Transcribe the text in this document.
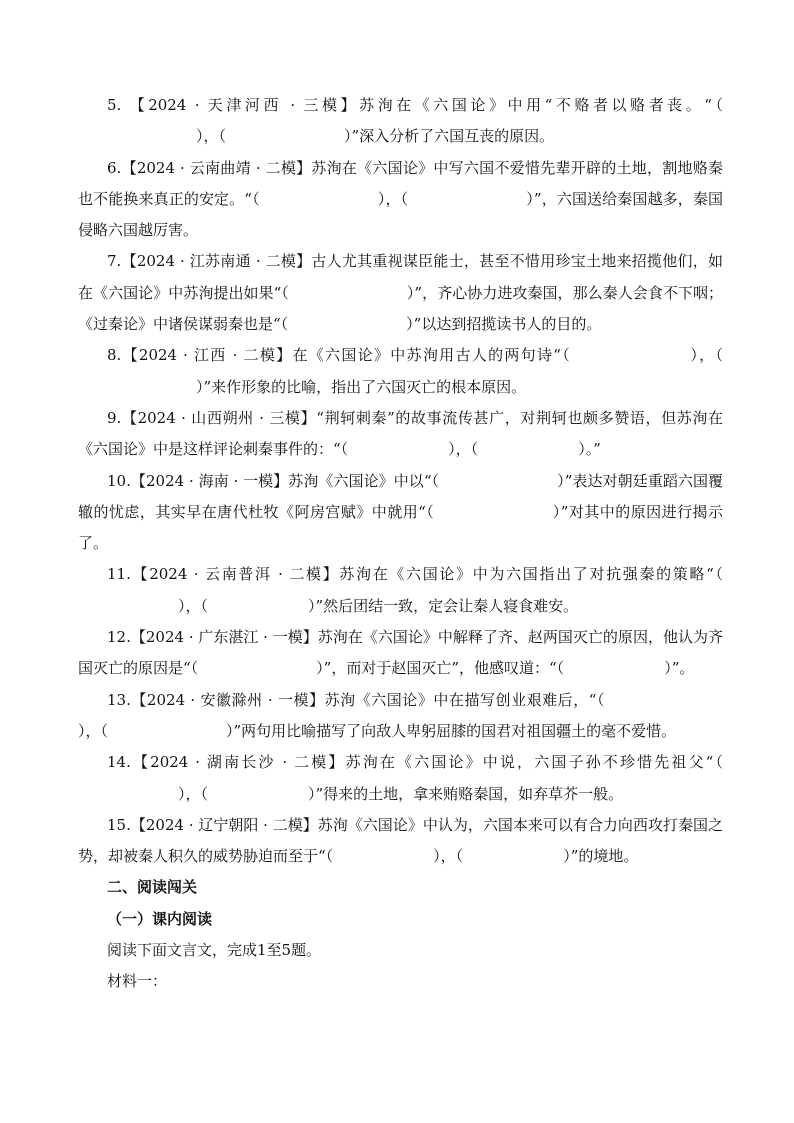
5. 【2024 · 天津河西 · 三模】苏洵在《六国论》中用“不赂者以赂者丧。“（），（	）”深入分析了六国互丧的原因。

6.【2024 · 云南曲靖 · 二模】苏洵在《六国论》中写六国不爱惜先辈开辟的土地，割地赂秦也不能换来真正的安定。“（	），（	）”，六国送给秦国越多，秦国侵略六国越厉害。

7.【2024 · 江苏南通 · 二模】古人尤其重视谋臣能士，甚至不惜用珍宝土地来招揽他们，如在《六国论》中苏洵提出如果“（	）”，齐心协力进攻秦国，那么秦人会食不下咽；《过秦论》中诸侯谋弱秦也是“（	）”以达到招揽读书人的目的。

8.【2024 · 江西 · 二模】在《六国论》中苏洵用古人的两句诗“（	），（）”来作形象的比喻，指出了六国灭亡的根本原因。

9.【2024 · 山西朔州 · 三模】“荆轲刺秦”的故事流传甚广，对荆轲也颇多赞语，但苏洵在《六国论》中是这样评论刺秦事件的：“（	），（	）。”

10.【2024 · 海南 · 一模】苏洵《六国论》中以“（	）”表达对朝廷重蹈六国覆辙的忧虑，其实早在唐代杜牧《阿房宫赋》中就用“（	）”对其中的原因进行揭示了。

11.【2024 · 云南普洱 · 二模】苏洵在《六国论》中为六国指出了对抗强秦的策略“（），（	）”然后团结一致，定会让秦人寝食难安。

12.【2024 · 广东湛江 · 一模】苏洵在《六国论》中解释了齐、赵两国灭亡的原因，他认为齐国灭亡的原因是“（	）”，而对于赵国灭亡”，他感叹道：“（	）”。

13.【2024 · 安徽滁州 · 一模】苏洵《六国论》中在描写创业艰难后，“（），（	）”两句用比喻描写了向敌人卑躬屈膝的国君对祖国疆土的毫不爱惜。

14.【2024 · 湖南长沙 · 二模】苏洵在《六国论》中说，六国子孙不珍惜先祖父“（），（	）”得来的土地，拿来贿赂秦国，如弃草芥一般。

15.【2024 · 辽宁朝阳 · 二模】苏洵《六国论》中认为，六国本来可以有合力向西攻打秦国之势，却被秦人积久的威势胁迫而至于“（	），（	）”的境地。

二、阅读闯关

（一）课内阅读

阅读下面文言文，完成1至5题。

材料一：
